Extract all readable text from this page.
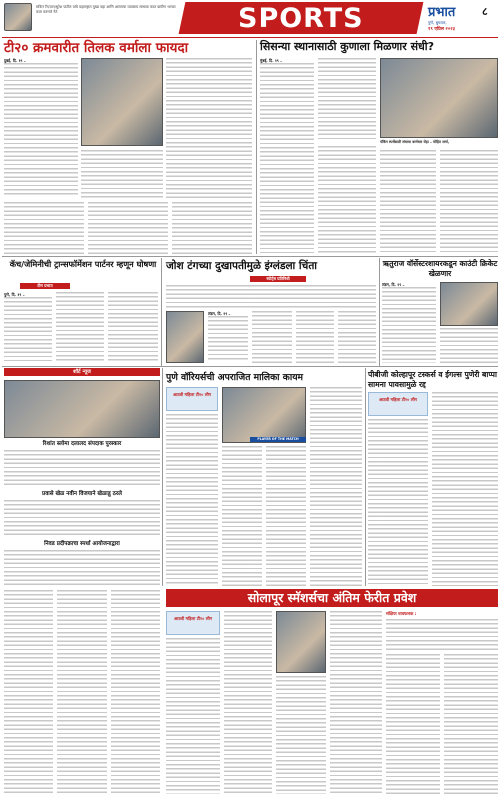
सकिन रिज़्वान/सुरेश पाटील यांचे महाराष्ट्रात मुख्य चहा आणि आरामचा व्यवसाय सांभाळ करत ग्रामीण भागात काम करणारे नेते	SPORTS	प्रभात ८
पुणे, बुधवार,
१९ एप्रिल २०२३
टी२० क्रमवारीत तिलक वर्माला फायदा
दुबई, दि. १९ –
सिसन्या स्थानासाठी कुणाला मिळणार संधी?
मुंबई, दि. १९ –
पंकिंग स्पर्धेसाठी संघाचा कर्णधार रोहा – मोहित शर्मा,
कॅच/जेमिनीची ट्रान्सफॉर्मेशन पार्टनर म्हणून घोषणा
टीम प्रभात
पुणे, दि. १९ –
जोश टंगच्या दुखापतीमुळे इंग्लंडला चिंता
स्पोर्ट्स प्रतिनिधी
लंडन, दि. १९ –
ऋतुराज वॉर्सेस्टरशायरकडून काउंटी क्रिकेट खेळणार
लंडन, दि. १९ –
शॉर्ट न्यूज
रिशांत स्लोमा दलालद संपदाक पुरस्कार
प्रवासे खेळ नवीन विजयाने खेळाडू ठरले
निवड प्रदीपक्राचा स्पर्धा आयोजनाद्वारा
पुणे वॉरियर्सची अपराजित मालिका कायम
आठवी महिला टी२० लीग
PLAYER OF THE MATCH
पीबीजी कोल्हापूर टस्कर्स व ईगल्स पुणेरी बाप्पा सामना पावसामुळे रद्द
आठवी महिला टी२० लीग
सोलापूर स्मॅशर्सचा अंतिम फेरीत प्रवेश
आठवी महिला टी२० लीग
संक्षिप्त धावफलक :
